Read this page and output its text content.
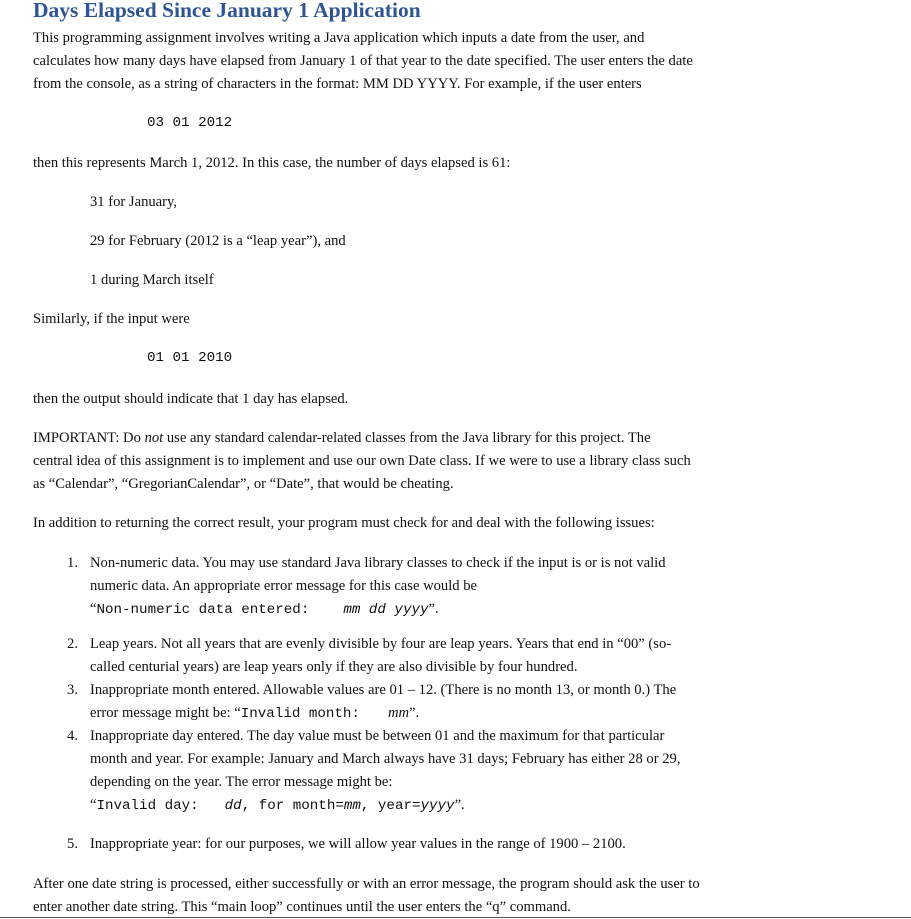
Days Elapsed Since January 1 Application
This programming assignment involves writing a Java application which inputs a date from the user, and
calculates how many days have elapsed from January 1 of that year to the date specified. The user enters the date
from the console, as a string of characters in the format: MM DD YYYY. For example, if the user enters
03 01 2012
then this represents March 1, 2012. In this case, the number of days elapsed is 61:
31 for January,
29 for February (2012 is a “leap year”), and
1 during March itself
Similarly, if the input were
01 01 2010
then the output should indicate that 1 day has elapsed.
IMPORTANT: Do not use any standard calendar-related classes from the Java library for this project. The
central idea of this assignment is to implement and use our own Date class. If we were to use a library class such
as “Calendar”, “GregorianCalendar”, or “Date”, that would be cheating.
In addition to returning the correct result, your program must check for and deal with the following issues:
1. Non-numeric data. You may use standard Java library classes to check if the input is or is not valid
numeric data. An appropriate error message for this case would be
“Non-numeric data entered: mm dd yyyy”.
2. Leap years. Not all years that are evenly divisible by four are leap years. Years that end in “00” (so-
called centurial years) are leap years only if they are also divisible by four hundred.
3. Inappropriate month entered. Allowable values are 01 – 12. (There is no month 13, or month 0.) The
error message might be: “Invalid month: mm”.
4. Inappropriate day entered. The day value must be between 01 and the maximum for that particular
month and year. For example: January and March always have 31 days; February has either 28 or 29,
depending on the year. The error message might be:
“Invalid day: dd, for month=mm, year=yyyy”.
5. Inappropriate year: for our purposes, we will allow year values in the range of 1900 – 2100.
After one date string is processed, either successfully or with an error message, the program should ask the user to
enter another date string. This “main loop” continues until the user enters the “q” command.
